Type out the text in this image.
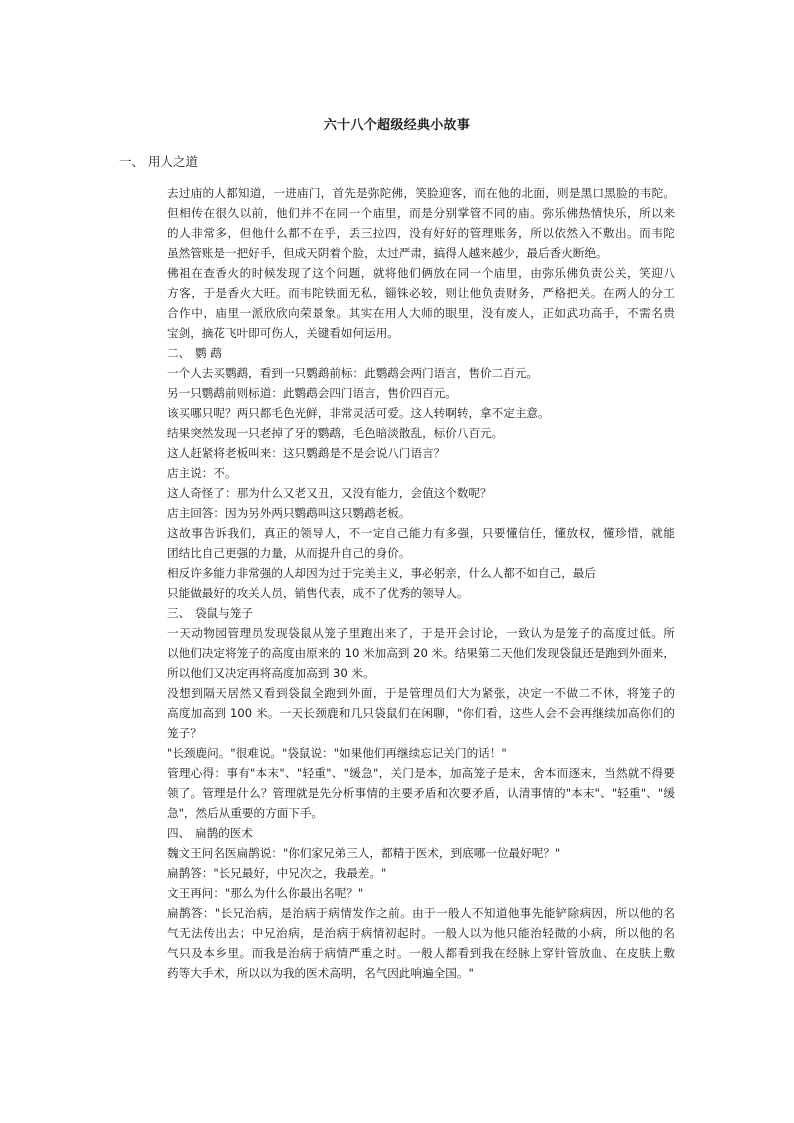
六十八个超级经典小故事
一、 用人之道
去过庙的人都知道，一进庙门，首先是弥陀佛，笑脸迎客，而在他的北面，则是黑口黑脸的韦陀。
但相传在很久以前，他们并不在同一个庙里，而是分别掌管不同的庙。弥乐佛热情快乐，所以来
的人非常多，但他什么都不在乎，丢三拉四，没有好好的管理账务，所以依然入不敷出。而韦陀
虽然管账是一把好手，但成天阴着个脸，太过严肃，搞得人越来越少，最后香火断绝。
佛祖在查香火的时候发现了这个问题，就将他们俩放在同一个庙里，由弥乐佛负责公关，笑迎八
方客，于是香火大旺。而韦陀铁面无私，锱铢必较，则让他负责财务，严格把关。在两人的分工
合作中，庙里一派欣欣向荣景象。其实在用人大师的眼里，没有废人，正如武功高手，不需名贵
宝剑，摘花飞叶即可伤人，关键看如何运用。
二、 鹦 鹉
一个人去买鹦鹉，看到一只鹦鹉前标：此鹦鹉会两门语言，售价二百元。
另一只鹦鹉前则标道：此鹦鹉会四门语言，售价四百元。
该买哪只呢？两只都毛色光鲜，非常灵活可爱。这人转啊转，拿不定主意。
结果突然发现一只老掉了牙的鹦鹉，毛色暗淡散乱，标价八百元。
这人赶紧将老板叫来：这只鹦鹉是不是会说八门语言？
店主说：不。
这人奇怪了：那为什么又老又丑，又没有能力，会值这个数呢？
店主回答：因为另外两只鹦鹉叫这只鹦鹉老板。
这故事告诉我们，真正的领导人，不一定自己能力有多强，只要懂信任，懂放权，懂珍惜，就能
团结比自己更强的力量，从而提升自己的身价。
相反许多能力非常强的人却因为过于完美主义，事必躬亲，什么人都不如自己，最后
只能做最好的攻关人员，销售代表，成不了优秀的领导人。
三、 袋鼠与笼子
一天动物园管理员发现袋鼠从笼子里跑出来了，于是开会讨论，一致认为是笼子的高度过低。所
以他们决定将笼子的高度由原来的 10 米加高到 20 米。结果第二天他们发现袋鼠还是跑到外面来，
所以他们又决定再将高度加高到 30 米。
没想到隔天居然又看到袋鼠全跑到外面，于是管理员们大为紧张，决定一不做二不休，将笼子的
高度加高到 100 米。一天长颈鹿和几只袋鼠们在闲聊，"你们看，这些人会不会再继续加高你们的
笼子？
"长颈鹿问。"很难说。"袋鼠说："如果他们再继续忘记关门的话！"
管理心得：事有"本末"、"轻重"、"缓急"，关门是本，加高笼子是末，舍本而逐末，当然就不得要
领了。管理是什么？管理就是先分析事情的主要矛盾和次要矛盾，认清事情的"本末"、"轻重"、"缓
急"，然后从重要的方面下手。
四、 扁鹊的医术
魏文王问名医扁鹊说："你们家兄弟三人，都精于医术，到底哪一位最好呢？"
扁鹊答："长兄最好，中兄次之，我最差。"
文王再问："那么为什么你最出名呢？"
扁鹊答："长兄治病，是治病于病情发作之前。由于一般人不知道他事先能铲除病因，所以他的名
气无法传出去；中兄治病，是治病于病情初起时。一般人以为他只能治轻微的小病，所以他的名
气只及本乡里。而我是治病于病情严重之时。一般人都看到我在经脉上穿针管放血、在皮肤上敷
药等大手术，所以以为我的医术高明，名气因此响遍全国。"
